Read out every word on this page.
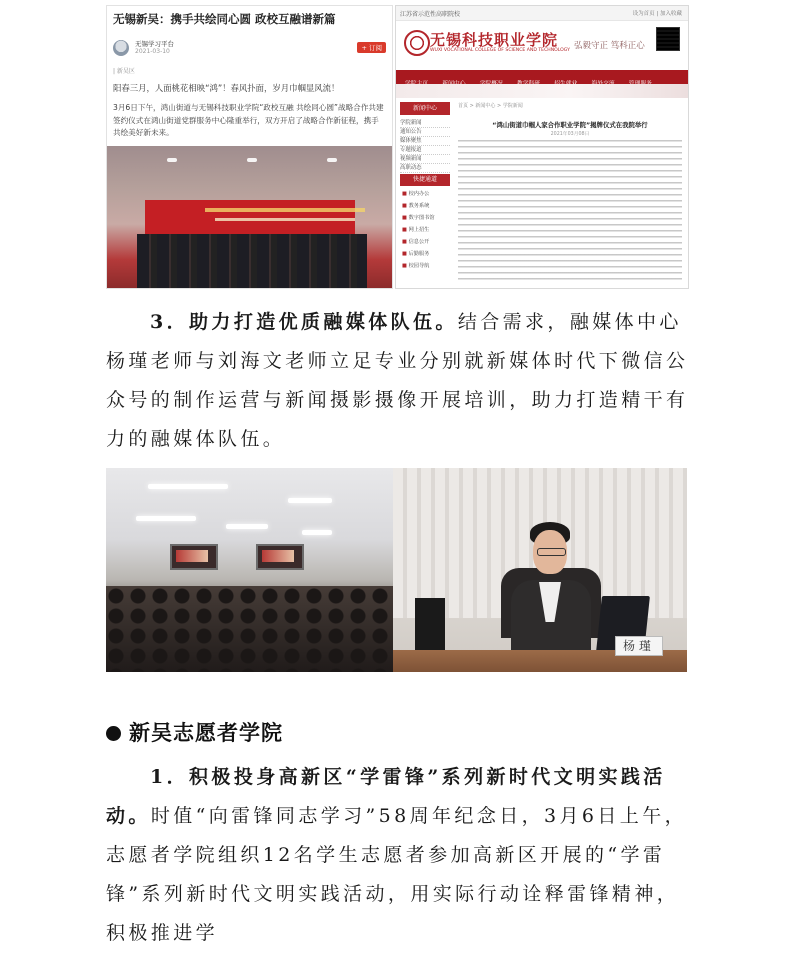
无锡新吴：携手共绘同心圆 政校互融谱新篇
无锡学习平台
2021-03-10	+ 订阅
| 新吴区
阳春三月，人面桃花相映“鸿”！春风扑面，岁月巾帼显风流！
3月6日下午，鸿山街道与无锡科技职业学院“政校互融 共绘同心圆”战略合作共建签约仪式在鸿山街道党群服务中心隆重举行，双方开启了战略合作新征程，携手共绘美好新未来。
江苏省示范性高职院校	设为首页 | 加入收藏
无锡科技职业学院
WUXI VOCATIONAL COLLEGE OF SCIENCE AND TECHNOLOGY 弘毅守正 笃科正心

新闻中心
学院新闻
通知公告
媒体聚焦
专题报道
视频新闻
高职动态
快捷通道
■ 校内办公
■ 教务系统
■ 数字图书馆
■ 网上招生
■ 信息公开
■ 后勤服务
■ 校园导航
首页 > 新闻中心 > 学院新闻
“鸿山街道巾帼人家合作职业学院”揭牌仪式在我院举行
2021年03月08日
3．助力打造优质融媒体队伍。结合需求，融媒体中心杨瑾老师与刘海文老师立足专业分别就新媒体时代下微信公众号的制作运营与新闻摄影摄像开展培训，助力打造精干有力的融媒体队伍。
杨瑾
新吴志愿者学院
1．积极投身高新区“学雷锋”系列新时代文明实践活动。时值“向雷锋同志学习”58周年纪念日，3月6日上午，志愿者学院组织12名学生志愿者参加高新区开展的“学雷锋”系列新时代文明实践活动，用实际行动诠释雷锋精神，积极推进学
